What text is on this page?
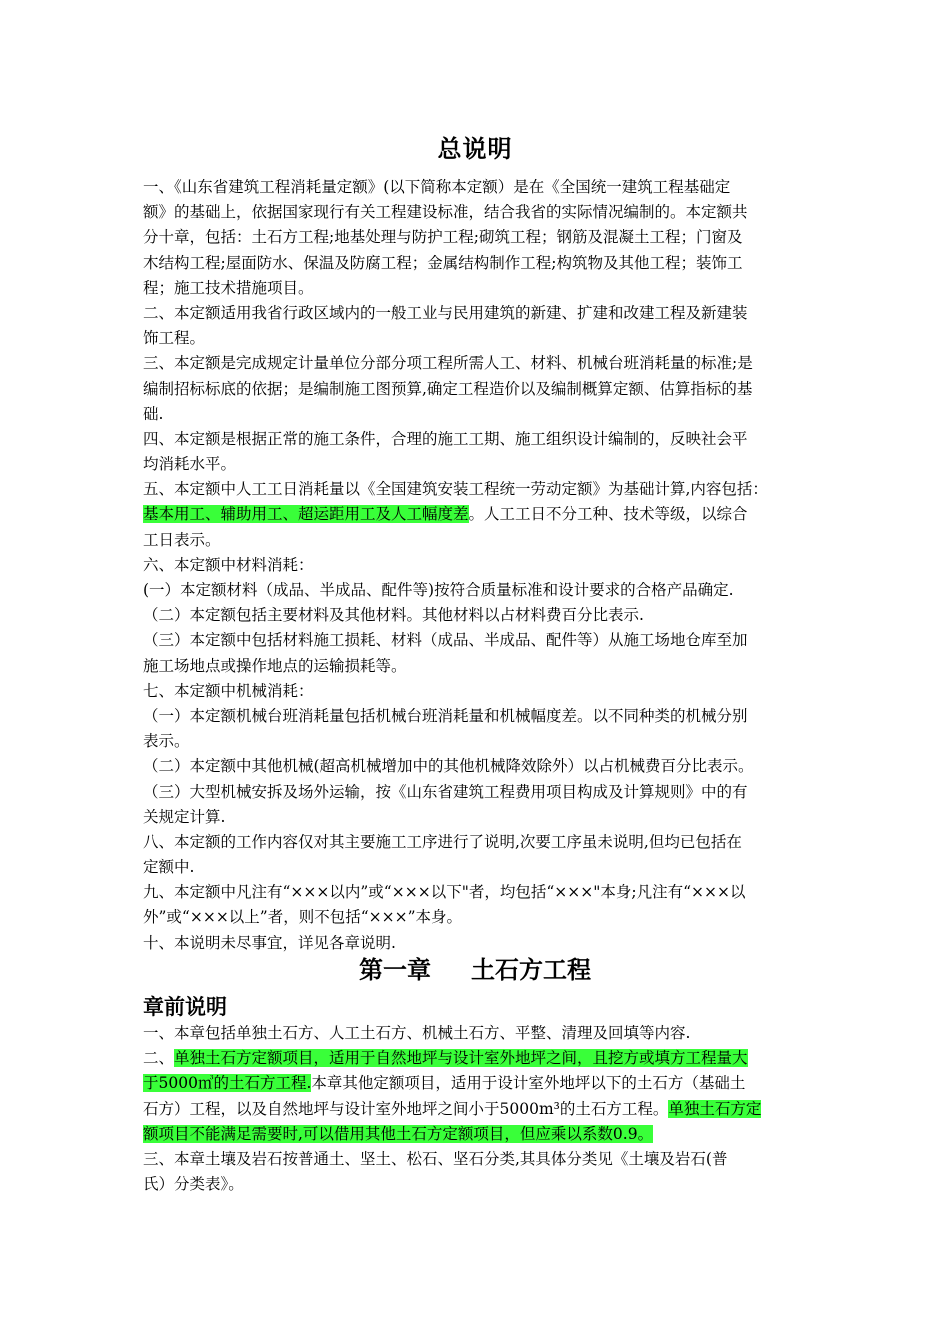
总说明
一、《山东省建筑工程消耗量定额》(以下简称本定额）是在《全国统一建筑工程基础定
额》的基础上，依据国家现行有关工程建设标准，结合我省的实际情况编制的。本定额共
分十章，包括：土石方工程;地基处理与防护工程;砌筑工程；钢筋及混凝土工程；门窗及
木结构工程;屋面防水、保温及防腐工程；金属结构制作工程;构筑物及其他工程；装饰工
程；施工技术措施项目。
二、本定额适用我省行政区域内的一般工业与民用建筑的新建、扩建和改建工程及新建装
饰工程。
三、本定额是完成规定计量单位分部分项工程所需人工、材料、机械台班消耗量的标准;是
编制招标标底的依据；是编制施工图预算,确定工程造价以及编制概算定额、估算指标的基
础.
四、本定额是根据正常的施工条件，合理的施工工期、施工组织设计编制的，反映社会平
均消耗水平。
五、本定额中人工工日消耗量以《全国建筑安装工程统一劳动定额》为基础计算,内容包括：
基本用工、辅助用工、超运距用工及人工幅度差。人工工日不分工种、技术等级，以综合
工日表示。
六、本定额中材料消耗：
(一）本定额材料（成品、半成品、配件等)按符合质量标准和设计要求的合格产品确定.
（二）本定额包括主要材料及其他材料。其他材料以占材料费百分比表示.
（三）本定额中包括材料施工损耗、材料（成品、半成品、配件等）从施工场地仓库至加
施工场地点或操作地点的运输损耗等。
七、本定额中机械消耗：
（一）本定额机械台班消耗量包括机械台班消耗量和机械幅度差。以不同种类的机械分别
表示。
（二）本定额中其他机械(超高机械增加中的其他机械降效除外）以占机械费百分比表示。
（三）大型机械安拆及场外运输，按《山东省建筑工程费用项目构成及计算规则》中的有
关规定计算.
八、本定额的工作内容仅对其主要施工工序进行了说明,次要工序虽未说明,但均已包括在
定额中.
九、本定额中凡注有“×××以内”或“×××以下"者，均包括“×××"本身;凡注有“×××以
外”或“×××以上”者，则不包括“×××”本身。
十、本说明未尽事宜，详见各章说明.
第一章 土石方工程
章前说明
一、本章包括单独土石方、人工土石方、机械土石方、平整、清理及回填等内容.
二、单独土石方定额项目，适用于自然地坪与设计室外地坪之间，且挖方或填方工程量大
于5000㎥的土石方工程.本章其他定额项目，适用于设计室外地坪以下的土石方（基础土
石方）工程，以及自然地坪与设计室外地坪之间小于5000m³的土石方工程。单独土石方定
额项目不能满足需要时,可以借用其他土石方定额项目，但应乘以系数0.9。
三、本章土壤及岩石按普通土、坚土、松石、坚石分类,其具体分类见《土壤及岩石(普
氏）分类表》。
